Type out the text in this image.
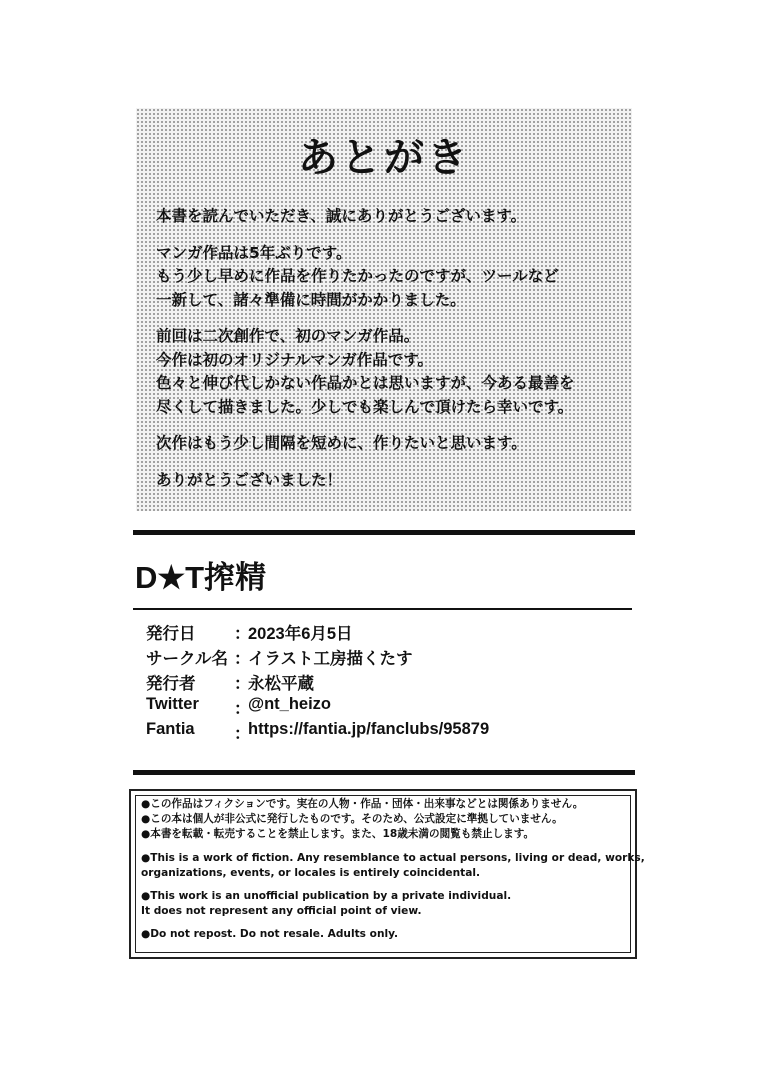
あとがき
本書を読んでいただき、誠にありがとうございます。
マンガ作品は5年ぶりです。
もう少し早めに作品を作りたかったのですが、ツールなど
一新して、諸々準備に時間がかかりました。
前回は二次創作で、初のマンガ作品。
今作は初のオリジナルマンガ作品です。
色々と伸び代しかない作品かとは思いますが、今ある最善を
尽くして描きました。少しでも楽しんで頂けたら幸いです。
次作はもう少し間隔を短めに、作りたいと思います。
ありがとうございました！
D★T搾精
発行日 ：
2023年6月5日
サークル名 ：
イラスト工房描くたす
発行者 ：
永松平蔵
Twitter ：
@nt_heizo
Fantia ：
https://fantia.jp/fanclubs/95879
●この作品はフィクションです。実在の人物・作品・団体・出来事などとは関係ありません。
●この本は個人が非公式に発行したものです。そのため、公式設定に準拠していません。
●本書を転載・転売することを禁止します。また、18歳未満の閲覧も禁止します。
●This is a work of fiction. Any resemblance to actual persons, living or dead, works,
organizations, events, or locales is entirely coincidental.
●This work is an unofficial publication by a private individual.
It does not represent any official point of view.
●Do not repost. Do not resale. Adults only.
